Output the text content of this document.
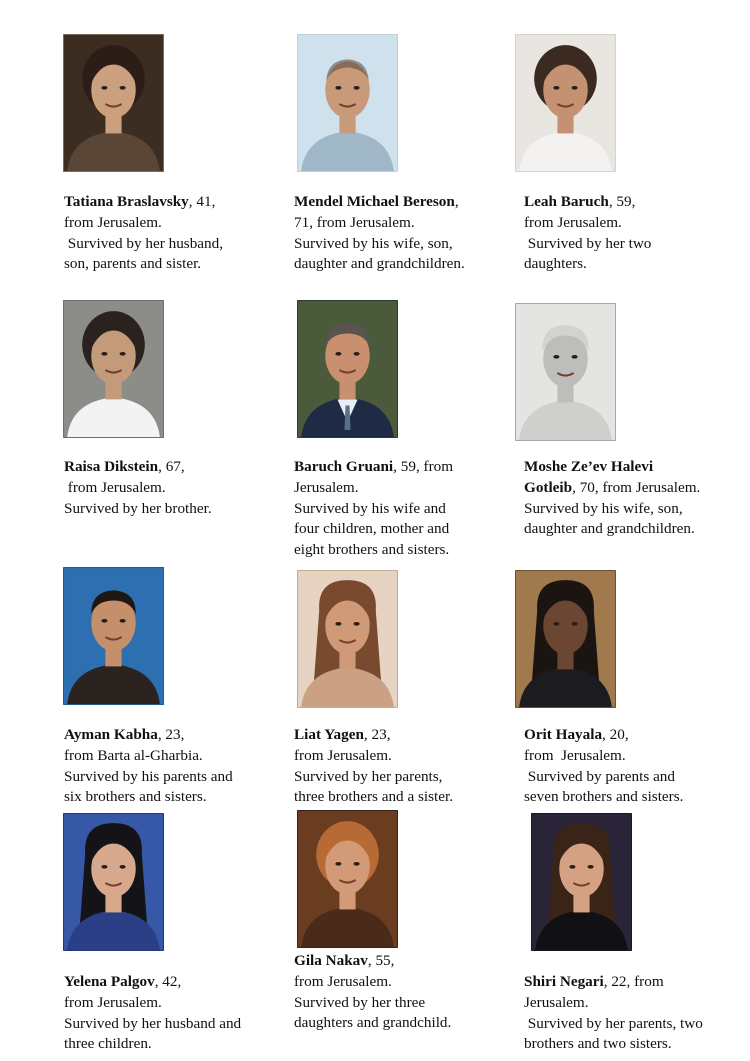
Tatiana Braslavsky, 41,
from Jerusalem.
Survived by her husband,
son, parents and sister.
Mendel Michael Bereson,
71, from Jerusalem.
Survived by his wife, son,
daughter and grandchildren.
Leah Baruch, 59,
from Jerusalem.
Survived by her two
daughters.
Raisa Dikstein, 67,
from Jerusalem.
Survived by her brother.
Baruch Gruani, 59, from
Jerusalem.
Survived by his wife and
four children, mother and
eight brothers and sisters.
Moshe Ze’ev Halevi
Gotleib, 70, from Jerusalem.
Survived by his wife, son,
daughter and grandchildren.
Ayman Kabha, 23,
from Barta al-Gharbia.
Survived by his parents and
six brothers and sisters.
Liat Yagen, 23,
from Jerusalem.
Survived by her parents,
three brothers and a sister.
Orit Hayala, 20,
from  Jerusalem.
Survived by parents and
seven brothers and sisters.
Yelena Palgov, 42,
from Jerusalem.
Survived by her husband and
three children.
Gila Nakav, 55,
from Jerusalem.
Survived by her three
daughters and grandchild.
Shiri Negari, 22, from
Jerusalem.
Survived by her parents, two
brothers and two sisters.
